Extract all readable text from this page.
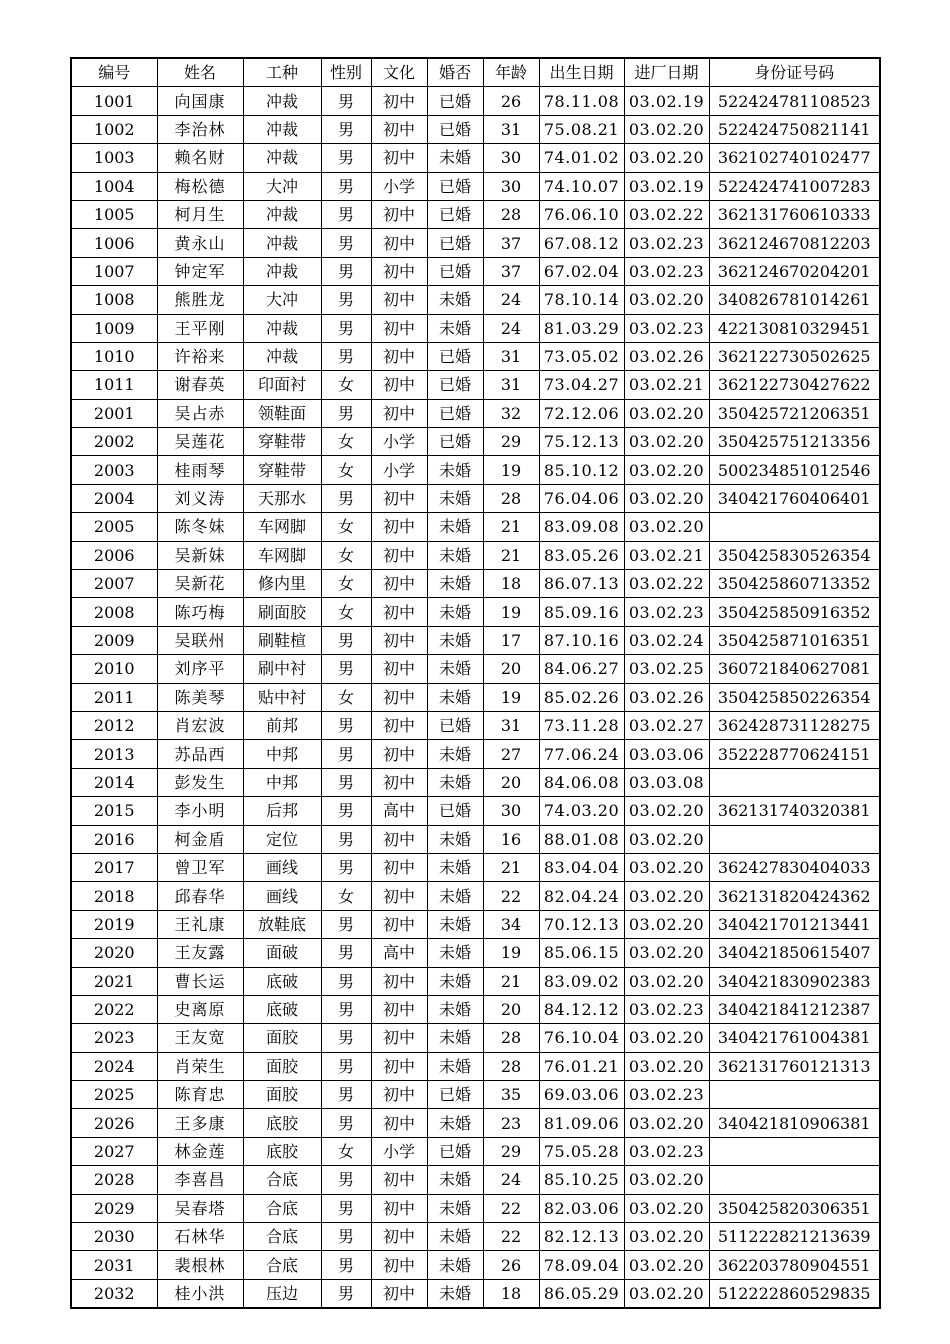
编号	姓名	工种	性别	文化	婚否	年龄	出生日期	进厂日期	身份证号码
1001	向国康	冲裁	男	初中	已婚	26	78.11.08	03.02.19	522424781108523
1002	李治林	冲裁	男	初中	已婚	31	75.08.21	03.02.20	522424750821141
1003	赖名财	冲裁	男	初中	未婚	30	74.01.02	03.02.20	362102740102477
1004	梅松德	大冲	男	小学	已婚	30	74.10.07	03.02.19	522424741007283
1005	柯月生	冲裁	男	初中	已婚	28	76.06.10	03.02.22	362131760610333
1006	黄永山	冲裁	男	初中	已婚	37	67.08.12	03.02.23	362124670812203
1007	钟定军	冲裁	男	初中	已婚	37	67.02.04	03.02.23	362124670204201
1008	熊胜龙	大冲	男	初中	未婚	24	78.10.14	03.02.20	340826781014261
1009	王平刚	冲裁	男	初中	未婚	24	81.03.29	03.02.23	422130810329451
1010	许裕来	冲裁	男	初中	已婚	31	73.05.02	03.02.26	362122730502625
1011	谢春英	印面衬	女	初中	已婚	31	73.04.27	03.02.21	362122730427622
2001	吴占赤	领鞋面	男	初中	已婚	32	72.12.06	03.02.20	350425721206351
2002	吴莲花	穿鞋带	女	小学	已婚	29	75.12.13	03.02.20	350425751213356
2003	桂雨琴	穿鞋带	女	小学	未婚	19	85.10.12	03.02.20	500234851012546
2004	刘义涛	天那水	男	初中	未婚	28	76.04.06	03.02.20	340421760406401
2005	陈冬妹	车网脚	女	初中	未婚	21	83.09.08	03.02.20	
2006	吴新妹	车网脚	女	初中	未婚	21	83.05.26	03.02.21	350425830526354
2007	吴新花	修内里	女	初中	未婚	18	86.07.13	03.02.22	350425860713352
2008	陈巧梅	刷面胶	女	初中	未婚	19	85.09.16	03.02.23	350425850916352
2009	吴联州	刷鞋楦	男	初中	未婚	17	87.10.16	03.02.24	350425871016351
2010	刘序平	刷中衬	男	初中	未婚	20	84.06.27	03.02.25	360721840627081
2011	陈美琴	贴中衬	女	初中	未婚	19	85.02.26	03.02.26	350425850226354
2012	肖宏波	前邦	男	初中	已婚	31	73.11.28	03.02.27	362428731128275
2013	苏品西	中邦	男	初中	未婚	27	77.06.24	03.03.06	352228770624151
2014	彭发生	中邦	男	初中	未婚	20	84.06.08	03.03.08	
2015	李小明	后邦	男	高中	已婚	30	74.03.20	03.02.20	362131740320381
2016	柯金盾	定位	男	初中	未婚	16	88.01.08	03.02.20	
2017	曾卫军	画线	男	初中	未婚	21	83.04.04	03.02.20	362427830404033
2018	邱春华	画线	女	初中	未婚	22	82.04.24	03.02.20	362131820424362
2019	王礼康	放鞋底	男	初中	未婚	34	70.12.13	03.02.20	340421701213441
2020	王友露	面破	男	高中	未婚	19	85.06.15	03.02.20	340421850615407
2021	曹长运	底破	男	初中	未婚	21	83.09.02	03.02.20	340421830902383
2022	史离原	底破	男	初中	未婚	20	84.12.12	03.02.23	340421841212387
2023	王友宽	面胶	男	初中	未婚	28	76.10.04	03.02.20	340421761004381
2024	肖荣生	面胶	男	初中	未婚	28	76.01.21	03.02.20	362131760121313
2025	陈育忠	面胶	男	初中	已婚	35	69.03.06	03.02.23	
2026	王多康	底胶	男	初中	未婚	23	81.09.06	03.02.20	340421810906381
2027	林金莲	底胶	女	小学	已婚	29	75.05.28	03.02.23	
2028	李喜昌	合底	男	初中	未婚	24	85.10.25	03.02.20	
2029	吴春塔	合底	男	初中	未婚	22	82.03.06	03.02.20	350425820306351
2030	石林华	合底	男	初中	未婚	22	82.12.13	03.02.20	511222821213639
2031	裴根林	合底	男	初中	未婚	26	78.09.04	03.02.20	362203780904551
2032	桂小洪	压边	男	初中	未婚	18	86.05.29	03.02.20	512222860529835
